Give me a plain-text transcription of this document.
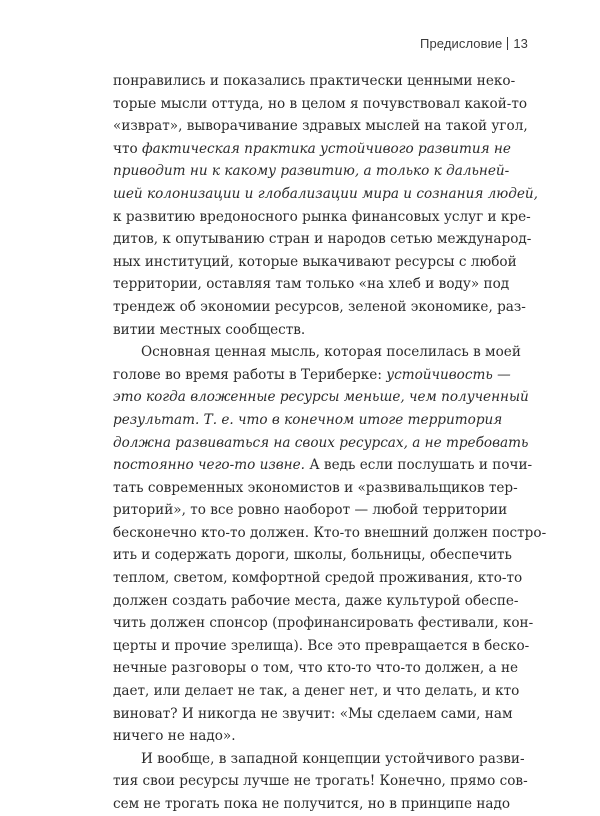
Предисловие 13
понравились и показались практически ценными неко-
торые мысли оттуда, но в целом я почувствовал какой-то
«изврат», выворачивание здравых мыслей на такой угол,
что фактическая практика устойчивого развития не
приводит ни к какому развитию, а только к дальней-
шей колонизации и глобализации мира и сознания людей,
к развитию вредоносного рынка финансовых услуг и кре-
дитов, к опутыванию стран и народов сетью международ-
ных институций, которые выкачивают ресурсы с любой
территории, оставляя там только «на хлеб и воду» под
трендеж об экономии ресурсов, зеленой экономике, раз-
витии местных сообществ.
Основная ценная мысль, которая поселилась в моей
голове во время работы в Териберке: устойчивость —
это когда вложенные ресурсы меньше, чем полученный
результат. Т. е. что в конечном итоге территория
должна развиваться на своих ресурсах, а не требовать
постоянно чего-то извне. А ведь если послушать и почи-
тать современных экономистов и «развивальщиков тер-
риторий», то все ровно наоборот — любой территории
бесконечно кто-то должен. Кто-то внешний должен постро-
ить и содержать дороги, школы, больницы, обеспечить
теплом, светом, комфортной средой проживания, кто-то
должен создать рабочие места, даже культурой обеспе-
чить должен спонсор (профинансировать фестивали, кон-
церты и прочие зрелища). Все это превращается в беско-
нечные разговоры о том, что кто-то что-то должен, а не
дает, или делает не так, а денег нет, и что делать, и кто
виноват? И никогда не звучит: «Мы сделаем сами, нам
ничего не надо».
И вообще, в западной концепции устойчивого разви-
тия свои ресурсы лучше не трогать! Конечно, прямо сов-
сем не трогать пока не получится, но в принципе надо
